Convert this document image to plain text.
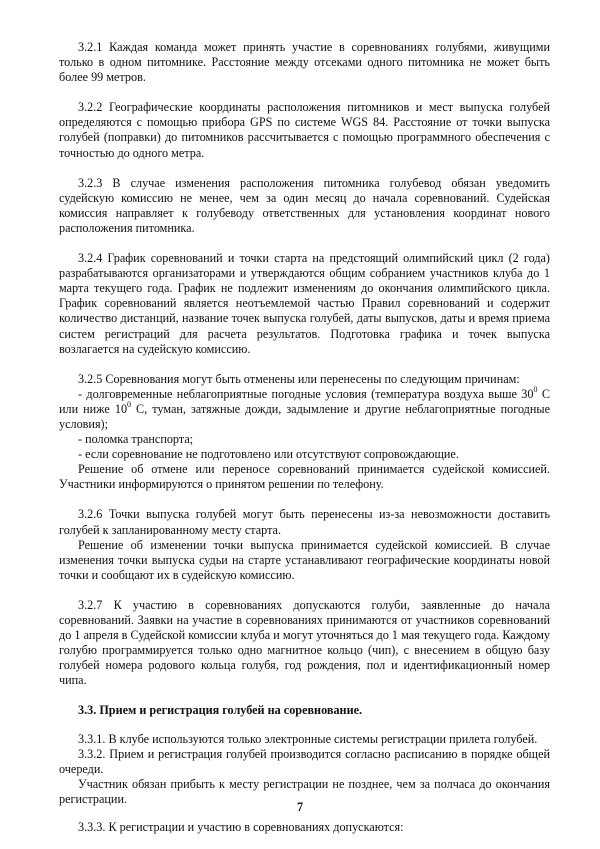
3.2.1 Каждая команда может принять участие в соревнованиях голубями, живущими только в одном питомнике. Расстояние между отсеками одного питомника не может быть более 99 метров.

3.2.2 Географические координаты расположения питомников и мест выпуска голубей определяются с помощью прибора GPS по системе WGS 84. Расстояние от точки выпуска голубей (поправки) до питомников рассчитывается с помощью программного обеспечения с точностью до одного метра.

3.2.3 В случае изменения расположения питомника голубевод обязан уведомить судейскую комиссию не менее, чем за один месяц до начала соревнований. Судейская комиссия направляет к голубеводу ответственных для установления координат нового расположения питомника.

3.2.4 График соревнований и точки старта на предстоящий олимпийский цикл (2 года) разрабатываются организаторами и утверждаются общим собранием участников клуба до 1 марта текущего года. График не подлежит изменениям до окончания олимпийского цикла. График соревнований является неотъемлемой частью Правил соревнований и содержит количество дистанций, название точек выпуска голубей, даты выпусков, даты и время приема систем регистраций для расчета результатов. Подготовка графика и точек выпуска возлагается на судейскую комиссию.

3.2.5 Соревнования могут быть отменены или перенесены по следующим причинам:

- долговременные неблагоприятные погодные условия (температура воздуха выше $30^0$ С или ниже $10^0$ С, туман, затяжные дожди, задымление и другие неблагоприятные погодные условия);

- поломка транспорта;

- если соревнование не подготовлено или отсутствуют сопровождающие.

Решение об отмене или переносе соревнований принимается судейской комиссией. Участники информируются о принятом решении по телефону.

3.2.6 Точки выпуска голубей могут быть перенесены из-за невозможности доставить голубей к запланированному месту старта.

Решение об изменении точки выпуска принимается судейской комиссией. В случае изменения точки выпуска судьи на старте устанавливают географические координаты новой точки и сообщают их в судейскую комиссию.

3.2.7 К участию в соревнованиях допускаются голуби, заявленные до начала соревнований. Заявки на участие в соревнованиях принимаются от участников соревнований до 1 апреля в Судейской комиссии клуба и могут уточняться до 1 мая текущего года. Каждому голубю программируется только одно магнитное кольцо (чип), с внесением в общую базу голубей номера родового кольца голубя, год рождения, пол и идентификационный номер чипа.

3.3. Прием и регистрация голубей на соревнование.

3.3.1. В клубе используются только электронные системы регистрации прилета голубей.

3.3.2. Прием и регистрация голубей производится согласно расписанию в порядке общей очереди.

Участник обязан прибыть к месту регистрации не позднее, чем за полчаса до окончания регистрации.

3.3.3. К регистрации и участию в соревнованиях допускаются:

7
